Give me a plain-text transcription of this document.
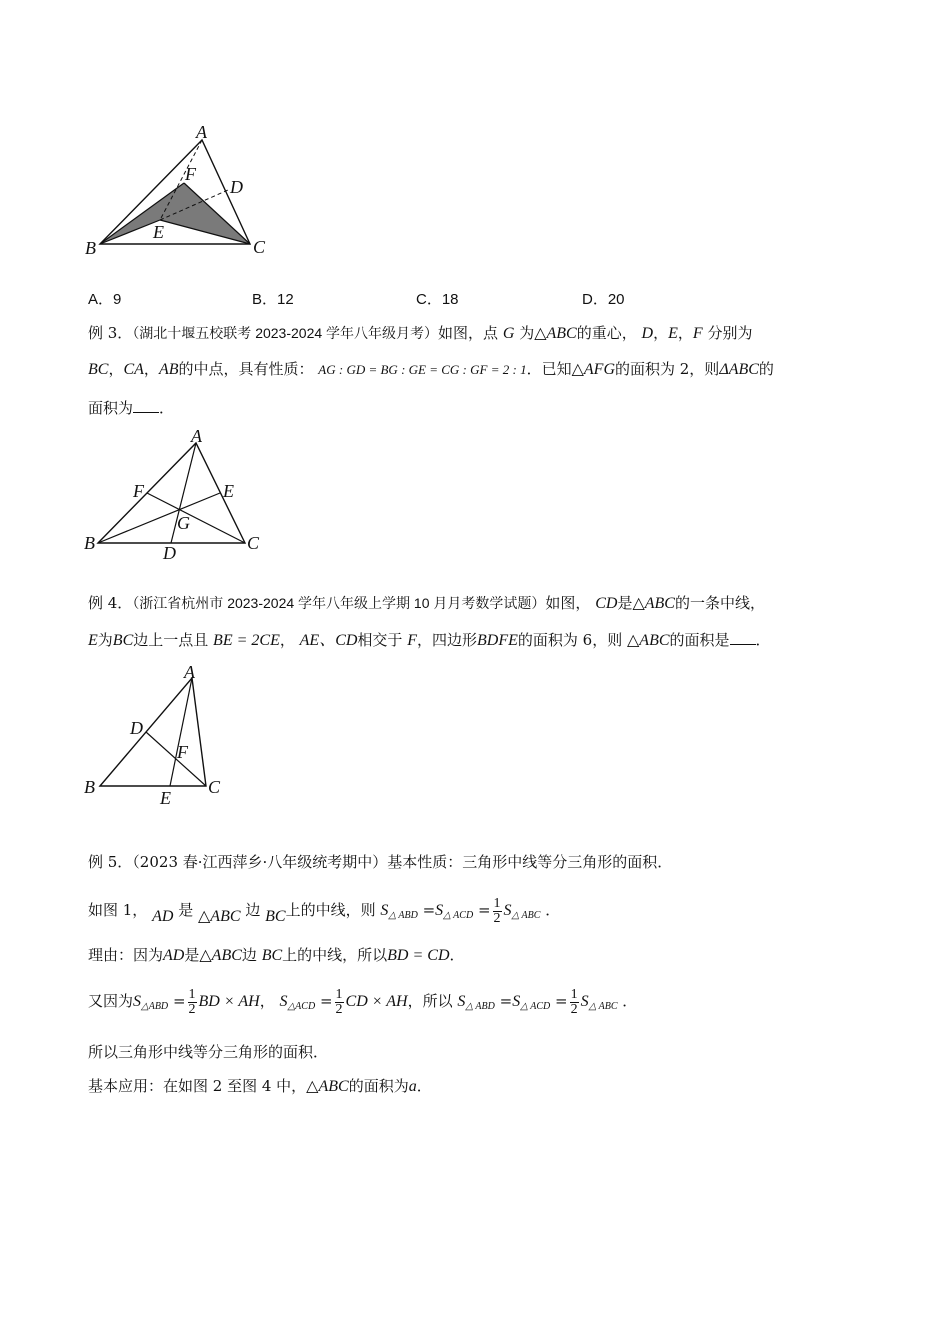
A
B	C
D
E
F
A．9	B．12	C．18	D．20
例 3．（湖北十堰五校联考 2023-2024 学年八年级月考）如图，点 G 为△ABC的重心， D，E，F 分别为
BC，CA，AB的中点，具有性质： AG : GD = BG : GE = CG : GF = 2 : 1．已知△AFG的面积为 2，则ΔABC的
面积为 ．
A
B	C
D
E
F
G
例 4．（浙江省杭州市 2023-2024 学年八年级上学期 10 月月考数学试题）如图， CD是△ABC的一条中线，
E为BC边上一点且 BE = 2CE， AE、CD相交于 F，四边形BDFE的面积为 6，则 △ABC的面积是 ．
A
B	C
D
E
F
例 5．（2023 春·江西萍乡·八年级统考期中）基本性质：三角形中线等分三角形的面积．
如图 1， AD 是 △ABC 边 BC上的中线，则 $S_{\triangle ABD} =S_{\triangle ACD} = \frac{1}{2} S_{\triangle ABC}$ ．
理由：因为AD是△ABC边 BC上的中线，所以BD = CD．
又因为$S_{\triangle ABD} = \frac{1}{2}$ BD × AH， $S_{\triangle ACD} = \frac{1}{2}$ CD × AH，所以 $S_{\triangle ABD} =S_{\triangle ACD} = \frac{1}{2} S_{\triangle ABC}$ ．
所以三角形中线等分三角形的面积．
基本应用：在如图 2 至图 4 中，△ABC的面积为a．
